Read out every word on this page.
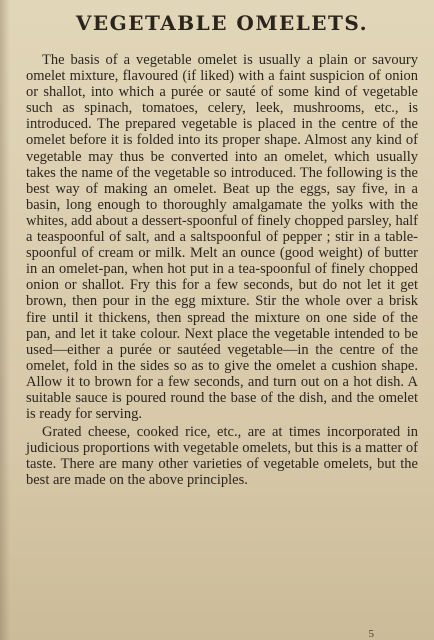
VEGETABLE OMELETS.

The basis of a vegetable omelet is usually a plain or savoury omelet mixture, flavoured (if liked) with a faint suspicion of onion or shallot, into which a purée or sauté of some kind of vegetable such as spinach, tomatoes, celery, leek, mushrooms, etc., is introduced. The prepared vegetable is placed in the centre of the omelet before it is folded into its proper shape. Almost any kind of vegetable may thus be converted into an omelet, which usually takes the name of the vegetable so introduced. The following is the best way of making an omelet. Beat up the eggs, say five, in a basin, long enough to thoroughly amalgamate the yolks with the whites, add about a dessert-spoonful of finely chopped parsley, half a teaspoonful of salt, and a saltspoonful of pepper ; stir in a table-spoonful of cream or milk. Melt an ounce (good weight) of butter in an omelet-pan, when hot put in a tea-spoonful of finely chopped onion or shallot. Fry this for a few seconds, but do not let it get brown, then pour in the egg mixture. Stir the whole over a brisk fire until it thickens, then spread the mixture on one side of the pan, and let it take colour. Next place the vegetable intended to be used—either a purée or sautéed vegetable—in the centre of the omelet, fold in the sides so as to give the omelet a cushion shape. Allow it to brown for a few seconds, and turn out on a hot dish. A suitable sauce is poured round the base of the dish, and the omelet is ready for serving.

Grated cheese, cooked rice, etc., are at times incorporated in judicious proportions with vegetable omelets, but this is a matter of taste. There are many other varieties of vegetable omelets, but the best are made on the above principles.

5
